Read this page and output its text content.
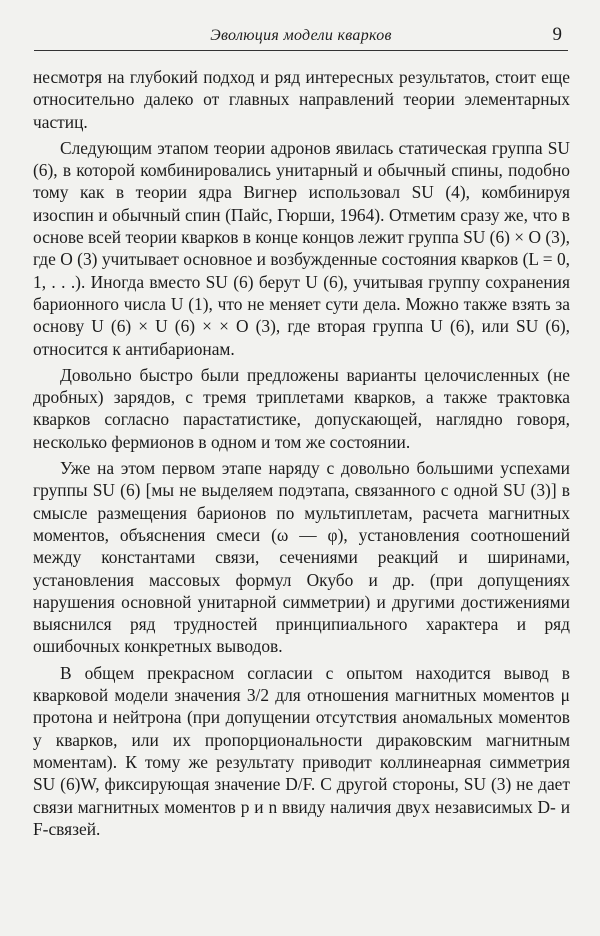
Эволюция модели кварков	9

несмотря на глубокий подход и ряд интересных результатов, стоит еще относительно далеко от главных направлений теории элементарных частиц.

Следующим этапом теории адронов явилась статическая группа SU (6), в которой комбинировались унитарный и обычный спины, подобно тому как в теории ядра Вигнер использовал SU (4), комбинируя изоспин и обычный спин (Пайс, Гюрши, 1964). Отметим сразу же, что в основе всей теории кварков в конце концов лежит группа SU (6) × O (3), где O (3) учитывает основное и возбужденные состояния кварков (L = 0, 1, . . .). Иногда вместо SU (6) берут U (6), учитывая группу сохранения барионного числа U (1), что не меняет сути дела. Можно также взять за основу U (6) × U (6) × × O (3), где вторая группа U (6), или SU (6), относится к антибарионам.

Довольно быстро были предложены варианты целочисленных (не дробных) зарядов, с тремя триплетами кварков, а также трактовка кварков согласно парастатистике, допускающей, наглядно говоря, несколько фермионов в одном и том же состоянии.

Уже на этом первом этапе наряду с довольно большими успехами группы SU (6) [мы не выделяем подэтапа, связанного с одной SU (3)] в смысле размещения барионов по мультиплетам, расчета магнитных моментов, объяснения смеси (ω — φ), установления соотношений между константами связи, сечениями реакций и ширинами, установления массовых формул Окубо и др. (при допущениях нарушения основной унитарной симметрии) и другими достижениями выяснился ряд трудностей принципиального характера и ряд ошибочных конкретных выводов.

В общем прекрасном согласии с опытом находится вывод в кварковой модели значения 3/2 для отношения магнитных моментов μ протона и нейтрона (при допущении отсутствия аномальных моментов у кварков, или их пропорциональности дираковским магнитным моментам). К тому же результату приводит коллинеарная симметрия SU (6)W, фиксирующая значение D/F. С другой стороны, SU (3) не дает связи магнитных моментов p и n ввиду наличия двух независимых D- и F-связей.
